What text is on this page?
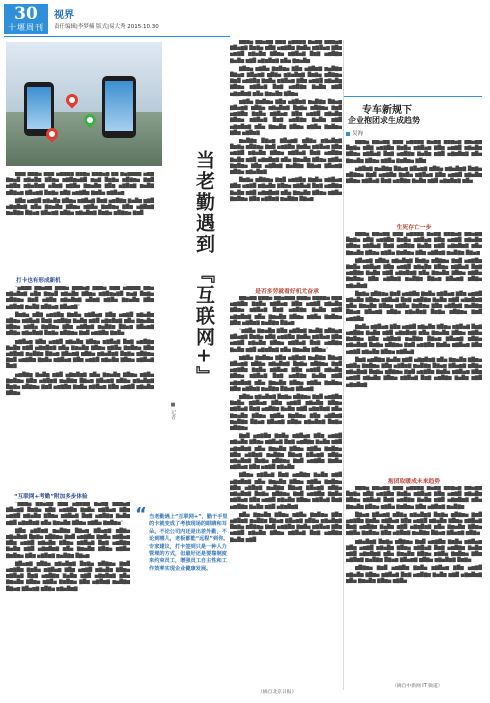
30
十堰周刊
视界
责任编辑|李梦楠 版式|易大秀 2015.10.30
当老勤遇到 『互联网+』
■ 记者

█▆▇ ▇█▆▅ ▆▇█ ▅▆▇█▆ ▇▆█▅ ▆█▇▅▆ ▇█ ▆▅▇█▆▇ ▅█▆ ▇▆▅█ ▆▇▅█▆ ▇█▆▅ ▆▇█▆▅▇█ ▆▅▇ █▆▇▅ ▆█▇▆▅ ▇▆█ ▅▇█▆ ▆▇▅█▆▇ ▅█▆▇ ▆▇█▅ ▇▆▅█▆ ▇█▆ ▅▇█▆▇ ▆▅█▇ ▆█▇▅▆ ▇█▅▆▇ █▆▇▅ ▆█▇ ▅▆▇█▆ ▇▆█▅ ▆▇█▅▆

▇█▆ ▅▆▇█ ▆▇▅█▆ ▇█▆▅ ▆▇█▅▇ █▆▇ ▅▆█▇▆ ▇▅█▆ ▆▇█ ▅▇▆█▆▇ ▆█▅ ▇▆▅█▆ ▇█▆▅ ▆▇█▅ ▇▆█▆▅ ▇█▆ ▅▇█▆▇ ▆▅█▇▆ █▇▅▆ ▇█▅▆▇ ▆█▇▅ ▆▇▅█▆▇ █▆▇▅ ▆█▇▆▅ ▇▆█

打卡也有形成新机

“▅▆▇█ ▆▇▅█▆ ▇█▆▅ ▆▇█▅▆ ▇▆█▅ ▆▇█ ▅▆▇█▆ ▇█▅ ▆▇▅█▆▇ ▅█▆ ▇▆▅█ ▆▇▅█▆ ▇█▆▅ ▆▇█▆▅▇█ ▆▅▇ █▆▇▅ ▆█▇▆▅ ▇▆█ ▅▇█▆ ▆▇▅█▆▇ ▅█▆▇ ▆▇█▅ ▇▆▅█▆ ▇█▆ ▅▇█▆▇ ▆▅█▇ ▆█▇▅▆ ▇█▅▆▇”

█▆▇▅ ▆█▇ ▅▆▇█▆ ▇▆█▅ ▆▇█▅▆ ▇█▆ ▅▆▇█ ▆▇▅█▆ ▇█▆▅ ▆▇█▅▇ █▆▇ ▅▆█▇▆ ▇▅█▆ ▆▇█ ▅▇▆█▆▇ ▆█▅ ▇▆▅█▆ ▇█▆▅ ▆▇█▅ ▇▆█▆▅ ▇█▆ ▅▇█▆▇ ▆▅█▇▆ █▇▅▆ ▇█▅▆▇ ▆█▇▅ ▆▇▅█▆▇ █▆▇▅ ▆█▇▆▅ ▇▆█ ▅▆▇█▆ ▇▆█▅

▆▇█▅▆ ▇█▆ ▅▆▇█ ▆▇▅█▆ ▇█▆▅ ▆▇█▅▇ █▆▇ ▅▆█▇▆ ▇▅█▆ ▆▇█ ▅▇▆█▆▇ ▆█▅ ▇▆▅█▆ ▇█▆▅ ▆▇█▅ ▇▆█▆▅ ▇█▆ ▅▇█▆▇ ▆▅█▇▆ █▇▅▆ ▇█▅▆▇ ▆█▇▅ ▆▇▅█▆▇ █▆▇▅ ▆█▇▆▅ ▇▆█ ▅▆▇█▆ ▇▆█▅ ▆▇█▅▆ ▇█▆ ▅▆▇█ ▆▇▅█▆ ▇█▆▅ ▆▇█▅▇ █▆▇

▅▆█▇▆ ▇▅█▆ ▆▇█ ▅▇▆█▆▇ ▆█▅ ▇▆▅█▆ ▇█▆▅ ▆▇█▅ ▇▆█▆▅ ▇█▆ ▅▇█▆▇ ▆▅█▇▆ █▇▅▆ ▇█▅▆▇ ▆█▇▅ ▆▇▅█▆▇ █▆▇▅ ▆█▇▆▅ ▇▆█ ▅▆▇█▆ ▇▆█▅ ▆▇█▅▆ ▇█▆ ▅▆▇█ ▆▇▅█▆ ▇█▆▅

“互联网+考勤”附加多步体验

“▆▇█▅ ▇▆▅█▆ ▇█▆ ▅▇█▆▇ ▆▅█▇ ▆█▇▅▆ ▇█▅▆▇ █▆▇▅ ▆█▇ ▅▆▇█▆ ▇▆█▅ ▆▇█▅▆ ▇█▆ ▅▆▇█ ▆▇▅█▆ ▇█▆▅ ▆▇█▅▇ █▆▇ ▅▆█▇▆ ▇▅█▆ ▆▇█ ▅▇▆█▆▇ ▆█▅ ▇▆▅█▆ ▇█▆▅ ▆▇█▅ ▇▆█▆▅”

▇█▆ ▅▇█▆▇ ▆▅█▇▆ █▇▅▆ ▇█▅▆▇ ▆█▇▅ ▆▇▅█▆▇ █▆▇▅ ▆█▇▆▅ ▇▆█ ▅▆▇█▆ ▇▆█▅ ▆▇█▅▆ ▇█▆ ▅▆▇█ ▆▇▅█▆ ▇█▆▅ ▆▇█▅▇ █▆▇ ▅▆█▇▆ ▇▅█▆ ▆▇█ ▅▇▆█▆▇ ▆█▅ ▇▆▅█▆ ▇█▆▅ ▆▇█▅ ▇▆█▆▅ ▇█▆ ▅▇█▆▇ ▆▅█▇▆ █▇▅▆

▇█▅▆▇ ▆█▇▅ ▆▇▅█▆▇ █▆▇▅ ▆█▇▆▅ ▇▆█ ▅▆▇█▆ ▇▆█▅ ▆▇█▅▆ ▇█▆ ▅▆▇█ ▆▇▅█▆ ▇█▆▅ ▆▇█▅▇ █▆▇ ▅▆█▇▆ ▇▅█▆ ▆▇█ ▅▇▆█▆▇ ▆█▅ ▇▆▅█▆ ▇█▆▅ ▆▇█▅ ▇▆█▆▅ ▇█▆ ▅▇█▆▇ ▆▅█▇▆ █▇▅▆ ▇█▅▆▇ ▆█▇▅ ▆▇▅█▆▇

▆▇█▅ ▇▆▅█▆ ▇█▆ ▅▇█▆▇ ▆▅█▇ ▆█▇▅▆ ▇█▅▆▇ █▆▇▅ ▆█▇ ▅▆▇█▆ ▇▆█▅ ▆▇█▅▆ ▇█▆ ▅▆▇█ ▆▇▅█▆ ▇█▆▅ ▆▇█▅▇ █▆▇ ▅▆█▇▆ ▇▅█▆ ▆▇█ ▅▇▆█▆▇ ▆█▅ ▇▆▅█▆

▇█▆▅ ▆▇█▅ ▇▆█▆▅ ▇█▆ ▅▇█▆▇ ▆▅█▇▆ █▇▅▆ ▇█▅▆▇ ▆█▇▅ ▆▇▅█▆▇ █▆▇▅ ▆█▇▆▅ ▇▆█ ▅▆▇█▆ ▇▆█▅ ▆▇█▅▆ ▇█▆ ▅▆▇█ ▆▇▅█▆ ▇█▆▅ ▆▇█▅▇ █▆▇ ▅▆█▇▆ ▇▅█▆ ▆▇█ ▅▇▆█▆▇ ▆█▅ ▇▆▅█▆ ▇█▆▅

▆▇█▅ ▇▆█▆▅ ▇█▆ ▅▇█▆▇ ▆▅█▇▆ █▇▅▆ ▇█▅▆▇ ▆█▇▅ ▆▇▅█▆▇ █▆▇▅ ▆█▇▆▅ ▇▆█ ▅▆▇█▆ ▇▆█▅ ▆▇█▅▆ ▇█▆ ▅▆▇█ ▆▇▅█▆ ▇█▆▅ ▆▇█▅▇ █▆▇ ▅▆█▇▆ ▇▅█▆ ▆▇█ ▅▇▆█▆▇ ▆█▅ ▇▆▅█▆ ▇█▆▅ ▆▇█▅ ▇▆█▆▅ ▇█▆ ▅▇█▆▇

▆▅█▇▆ █▇▅▆ ▇█▅▆▇ ▆█▇▅ ▆▇▅█▆▇ █▆▇▅ ▆█▇▆▅ ▇▆█ ▅▆▇█▆ ▇▆█▅ ▆▇█▅▆ ▇█▆ ▅▆▇█ ▆▇▅█▆ ▇█▆▅ ▆▇█▅▇ █▆▇ ▅▆█▇▆ ▇▅█▆ ▆▇█ ▅▇▆█▆▇ ▆█▅ ▇▆▅█▆ ▇█▆▅ ▆▇█▅ ▇▆█▆▅ ▇█▆ ▅▇█▆▇ ▆▅█▇▆ █▇▅▆ ▇█▅▆▇ ▆█▇▅ ▆▇▅█▆▇

█▆▇▅ ▆█▇▆▅ ▇▆█ ▅▆▇█▆ ▇▆█▅ ▆▇█▅▆ ▇█▆ ▅▆▇█ ▆▇▅█▆ ▇█▆▅ ▆▇█▅▇ █▆▇ ▅▆█▇▆ ▇▅█▆ ▆▇█ ▅▇▆█▆▇ ▆█▅ ▇▆▅█▆ ▇█▆▅ ▆▇█▅ ▇▆█▆▅ ▇█▆ ▅▇█▆▇ ▆▅█▇▆ █▇▅▆

是否多劳就看好机尤奋承

▇█▅▆▇ ▆█▇▅ ▆▇▅█▆▇ █▆▇▅ ▆█▇▆▅ ▇▆█ ▅▆▇█▆ ▇▆█▅ ▆▇█▅▆ ▇█▆ ▅▆▇█ ▆▇▅█▆ ▇█▆▅ ▆▇█▅▇ █▆▇ ▅▆█▇▆ ▇▅█▆ ▆▇█ ▅▇▆█▆▇ ▆█▅ ▇▆▅█▆ ▇█▆▅ ▆▇█▅ ▇▆█▆▅ ▇█▆ ▅▇█▆▇ ▆▅█▇▆ █▇▅▆

“▆▇█▅ ▇▆▅█▆ ▇█▆ ▅▇█▆▇ ▆▅█▇ ▆█▇▅▆ ▇█▅▆▇ █▆▇▅ ▆█▇ ▅▆▇█▆ ▇▆█▅ ▆▇█▅▆ ▇█▆ ▅▆▇█ ▆▇▅█▆ ▇█▆▅ ▆▇█▅▇ █▆▇ ▅▆█▇▆ ▇▅█▆ ▆▇█ ▅▇▆█▆▇ ▆█▅ ▇▆▅█▆ ▇█▆▅”

▆▇█▅ ▇▆█▆▅ ▇█▆ ▅▇█▆▇ ▆▅█▇▆ █▇▅▆ ▇█▅▆▇ ▆█▇▅ ▆▇▅█▆▇ █▆▇▅ ▆█▇▆▅ ▇▆█ ▅▆▇█▆ ▇▆█▅ ▆▇█▅▆ ▇█▆ ▅▆▇█ ▆▇▅█▆ ▇█▆▅ ▆▇█▅▇ █▆▇ ▅▆█▇▆ ▇▅█▆ ▆▇█ ▅▇▆█▆▇ ▆█▅ ▇▆▅█▆ ▇█▆▅ ▆▇█▅ ▇▆█▆▅ ▇█▆ ▅▇█▆▇ ▆▅█▇▆ █▇▅▆ ▇█▅▆▇

▆█▇▅ ▆▇▅█▆▇ █▆▇▅ ▆█▇▆▅ ▇▆█ ▅▆▇█▆ ▇▆█▅ ▆▇█▅▆ ▇█▆ ▅▆▇█ ▆▇▅█▆ ▇█▆▅ ▆▇█▅▇ █▆▇ ▅▆█▇▆ ▇▅█▆ ▆▇█ ▅▇▆█▆▇ ▆█▅ ▇▆▅█▆ ▇█▆▅ ▆▇█▅ ▇▆█▆▅ ▇█▆ ▅▇█▆▇ ▆▅█▇▆ █▇▅▆ ▇█▅▆▇ ▆█▇▅ ▆▇▅█▆▇ █▆▇▅ ▆█▇▆▅

▇▆█ ▅▆▇█▆ ▇▆█▅ ▆▇█▅▆ ▇█▆ ▅▆▇█ ▆▇▅█▆ ▇█▆▅ ▆▇█▅▇ █▆▇ ▅▆█▇▆ ▇▅█▆ ▆▇█ ▅▇▆█▆▇ ▆█▅ ▇▆▅█▆ ▇█▆▅ ▆▇█▅ ▇▆█▆▅ ▇█▆ ▅▇█▆▇ ▆▅█▇▆ █▇▅▆ ▇█▅▆▇ ▆█▇▅ ▆▇▅█▆▇ █▆▇▅ ▆█▇▆▅ ▇▆█ ▅▆▇█▆ ▇▆█▅ ▆▇█▅▆ ▇█▆ ▅▆▇█ ▆▇▅█▆

▇█▆▅ ▆▇█▅▇ █▆▇ ▅▆█▇▆ ▇▅█▆ ▆▇█ ▅▇▆█▆▇ ▆█▅ ▇▆▅█▆ ▇█▆▅ ▆▇█▅ ▇▆█▆▅ ▇█▆ ▅▇█▆▇ ▆▅█▇▆ █▇▅▆ ▇█▅▆▇ ▆█▇▅ ▆▇▅█▆▇ █▆▇▅ ▆█▇▆▅ ▇▆█ ▅▆▇█▆ ▇▆█▅ ▆▇█▅▆ ▇█▆ ▅▆▇█ ▆▇▅█▆ ▇█▆▅ ▆▇█▅▇ █▆▇ ▅▆█▇▆ ▇▅█▆ ▆▇█ ▅▇▆█▆▇

▆█▅ ▇▆▅█▆ ▇█▆▅ ▆▇█▅ ▇▆█▆▅ ▇█▆ ▅▇█▆▇ ▆▅█▇▆ █▇▅▆ ▇█▅▆▇ ▆█▇▅ ▆▇▅█▆▇ █▆▇▅ ▆█▇▆▅ ▇▆█ ▅▆▇█▆ ▇▆█▅ ▆▇█▅▆ ▇█▆ ▅▆▇█ ▆▇▅█▆ ▇█▆▅ ▆▇█▅▇ █▆▇ ▅▆█▇▆ ▇▅█▆ ▆▇█

（摘自北京日报）
“ 当老勤遇上“互联网+”，勤于手里的卡就变成了考核现场的眼睛和耳朵，不论公司内还是出差外勤，不论到哪儿，老板都能“远程”到你。专家建议，打卡签到只是一种人力管理的方式，但最好还是要靠制度来约束员工，增强员工自主性和工作效率实现企业健康发展。
专车新规下
企业抱团求生成趋势
吴洵

▆▇█▅ ▇▆▅█▆ ▇█▆ ▅▇█▆▇ ▆▅█▇ ▆█▇▅▆ ▇█▅▆▇ █▆▇▅ ▆█▇ ▅▆▇█▆ ▇▆█▅ ▆▇█▅▆ ▇█▆ ▅▆▇█ ▆▇▅█▆ ▇█▆▅ ▆▇█▅▇ █▆▇ ▅▆█▇▆ ▇▅█▆ ▆▇█ ▅▇▆█▆▇ ▆█▅ ▇▆▅█▆ ▇█▆▅ ▆▇█▅ ▇▆█▆▅ ▇█▆

▅▇█▆▇ ▆▅█▇▆ █▇▅▆ ▇█▅▆▇ ▆█▇▅ ▆▇▅█▆▇ █▆▇▅ ▆█▇▆▅ ▇▆█ ▅▆▇█▆ ▇▆█▅ ▆▇█▅▆ ▇█▆ ▅▆▇█ ▆▇▅█▆ ▇█▆▅ ▆▇█▅▇ █▆▇ ▅▆█▇▆ ▇▅█▆ ▆▇█ ▅▇▆█▆▇ ▆█▅

生死存亡一步

▆▇█▅ ▇▆▅█▆ ▇█▆ ▅▇█▆▇ ▆▅█▇ ▆█▇▅▆ ▇█▅▆▇ █▆▇▅ ▆█▇ ▅▆▇█▆ ▇▆█▅ ▆▇█▅▆ ▇█▆ ▅▆▇█ ▆▇▅█▆ ▇█▆▅ ▆▇█▅▇ █▆▇ ▅▆█▇▆ ▇▅█▆ ▆▇█ ▅▇▆█▆▇ ▆█▅ ▇▆▅█▆ ▇█▆▅ ▆▇█▅ ▇▆█▆▅ ▇█▆ ▅▇█▆▇ ▆▅█▇▆ █▇▅▆

▇█▅▆▇ ▆█▇▅ ▆▇▅█▆▇ █▆▇▅ ▆█▇▆▅ ▇▆█ ▅▆▇█▆ ▇▆█▅ ▆▇█▅▆ ▇█▆ ▅▆▇█ ▆▇▅█▆ ▇█▆▅ ▆▇█▅▇ █▆▇ ▅▆█▇▆ ▇▅█▆ ▆▇█ ▅▇▆█▆▇ ▆█▅ ▇▆▅█▆ ▇█▆▅ ▆▇█▅ ▇▆█▆▅ ▇█▆ ▅▇█▆▇ ▆▅█▇▆ █▇▅▆ ▇█▅▆▇ ▆█▇▅ ▆▇▅█▆▇

█▆▇▅ ▆█▇▆▅ ▇▆█ ▅▆▇█▆ ▇▆█▅ ▆▇█▅▆ ▇█▆ ▅▆▇█ ▆▇▅█▆ ▇█▆▅ ▆▇█▅▇ █▆▇ ▅▆█▇▆ ▇▅█▆ ▆▇█ ▅▇▆█▆▇ ▆█▅ ▇▆▅█▆ ▇█▆▅ ▆▇█▅ ▇▆█▆▅ ▇█▆ ▅▇█▆▇ ▆▅█▇▆ █▇▅▆ ▇█▅▆▇ ▆█▇▅ ▆▇▅█▆▇ █▆▇▅ ▆█▇▆▅ ▇▆█ ▅▆▇█▆

▇▆█▅ ▆▇█▅▆ ▇█▆ ▅▆▇█ ▆▇▅█▆ ▇█▆▅ ▆▇█▅▇ █▆▇ ▅▆█▇▆ ▇▅█▆ ▆▇█ ▅▇▆█▆▇ ▆█▅ ▇▆▅█▆ ▇█▆▅ ▆▇█▅ ▇▆█▆▅ ▇█▆ ▅▇█▆▇ ▆▅█▇▆ █▇▅▆ ▇█▅▆▇ ▆█▇▅ ▆▇▅█▆▇ █▆▇▅ ▆█▇▆▅ ▇▆█ ▅▆▇█▆ ▇▆█▅ ▆▇█▅▆ ▇█▆ ▅▆▇█ ▆▇▅█▆ ▇█▆▅ ▆▇█▅▇

█▆▇ ▅▆█▇▆ ▇▅█▆ ▆▇█ ▅▇▆█▆▇ ▆█▅ ▇▆▅█▆ ▇█▆▅ ▆▇█▅ ▇▆█▆▅ ▇█▆ ▅▇█▆▇ ▆▅█▇▆ █▇▅▆ ▇█▅▆▇ ▆█▇▅ ▆▇▅█▆▇ █▆▇▅ ▆█▇▆▅ ▇▆█ ▅▆▇█▆ ▇▆█▅ ▆▇█▅▆ ▇█▆ ▅▆▇█ ▆▇▅█▆ ▇█▆▅ ▆▇█▅▇ █▆▇ ▅▆█▇▆ ▇▅█▆ ▆▇█ ▅▇▆█▆▇

抱团取暖成未来趋势

▆▇█▅ ▇▆▅█▆ ▇█▆ ▅▇█▆▇ ▆▅█▇ ▆█▇▅▆ ▇█▅▆▇ █▆▇▅ ▆█▇ ▅▆▇█▆ ▇▆█▅ ▆▇█▅▆ ▇█▆ ▅▆▇█ ▆▇▅█▆ ▇█▆▅ ▆▇█▅▇ █▆▇ ▅▆█▇▆ ▇▅█▆ ▆▇█ ▅▇▆█▆▇ ▆█▅ ▇▆▅█▆ ▇█▆▅ ▆▇█▅ ▇▆█▆▅ ▇█▆ ▅▇█▆▇ ▆▅█▇▆

█▇▅▆ ▇█▅▆▇ ▆█▇▅ ▆▇▅█▆▇ █▆▇▅ ▆█▇▆▅ ▇▆█ ▅▆▇█▆ ▇▆█▅ ▆▇█▅▆ ▇█▆ ▅▆▇█ ▆▇▅█▆ ▇█▆▅ ▆▇█▅▇ █▆▇ ▅▆█▇▆ ▇▅█▆ ▆▇█ ▅▇▆█▆▇ ▆█▅ ▇▆▅█▆ ▇█▆▅ ▆▇█▅ ▇▆█▆▅ ▇█▆ ▅▇█▆▇ ▆▅█▇▆ █▇▅▆ ▇█▅▆▇ ▆█▇▅

▆▇▅█▆▇ █▆▇▅ ▆█▇▆▅ ▇▆█ ▅▆▇█▆ ▇▆█▅ ▆▇█▅▆ ▇█▆ ▅▆▇█ ▆▇▅█▆ ▇█▆▅ ▆▇█▅▇ █▆▇ ▅▆█▇▆ ▇▅█▆ ▆▇█ ▅▇▆█▆▇ ▆█▅ ▇▆▅█▆ ▇█▆▅ ▆▇█▅ ▇▆█▆▅ ▇█▆ ▅▇█▆▇ ▆▅█▇▆ █▇▅▆ ▇█▅▆▇ ▆█▇▅ ▆▇▅█▆▇ █▆▇▅

▆█▇▆▅ ▇▆█ ▅▆▇█▆ ▇▆█▅ ▆▇█▅▆ ▇█▆ ▅▆▇█ ▆▇▅█▆ ▇█▆▅ ▆▇█▅▇ █▆▇ ▅▆█▇▆ ▇▅█▆ ▆▇█ ▅▇▆█▆▇ ▆█▅ ▇▆▅█▆ ▇█▆▅ ▆▇█▅

（摘自中新网 IT 频道）
